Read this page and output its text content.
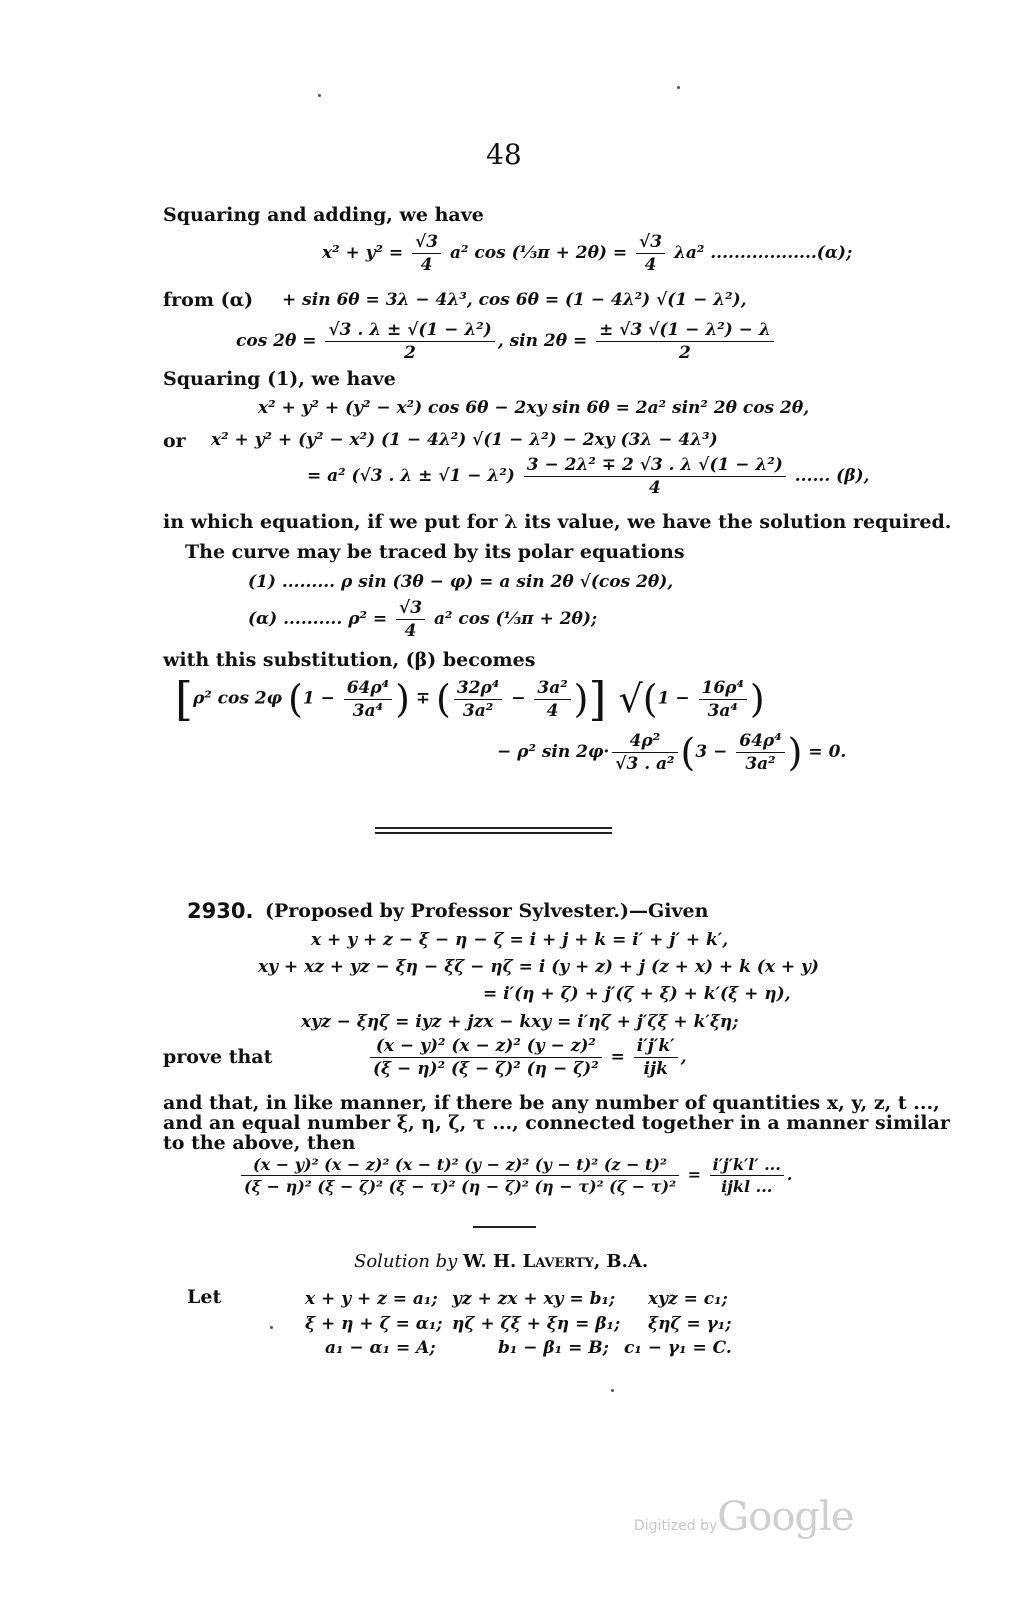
48
Squaring and adding, we have
$x^2 + y^2 = \frac{√3}{4} a^2$ cos (⅓π + $2\theta) = \frac{√3}{4} \lambda a^2$ ..................(α);
from (α) + sin 6θ = 3λ − 4λ³, cos 6θ = (1 − 4λ²) √(1 − λ²),
$\cos 2\theta = \frac{\text{√3 . λ ± √(1 − λ²)}}{2}$ , $\sin 2\theta = \frac{\text{± √3 √(1 − λ²) − λ}}{2}$
Squaring (1), we have
x² + y² + (y² − x²) cos 6θ − 2xy sin 6θ = 2a² sin² 2θ cos 2θ,
or x² + y² + (y² − x²) (1 − 4λ²) √(1 − λ²) − 2xy (3λ − 4λ³)
= a² (√3 . $\lambda \pm √1 - \lambda^2) \frac{\text{3 − 2λ² ∓ 2 √3 . λ √(1 − λ²)}}{4}$ ...... (β),
in which equation, if we put for λ its value, we have the solution required.
The curve may be traced by its polar equations
(1) ......... ρ sin (3θ − φ) = a sin 2θ √(cos 2θ),
(α) .......... $\rho^2 = \frac{√3}{4} a^2$ cos (⅓π + 2θ);
with this substitution, (β) becomes
[ρ² cos 2φ ($1 - \frac{\text{64ρ⁴}}{\text{3a⁴}}$ ) ∓ ( $\frac{\text{32ρ⁴}}{\text{3a²}} - \frac{\text{3a²}}{4}$ )] $√(1 - \frac{\text{16ρ⁴}}{\text{3a⁴}}$ )
− ρ² $\sin 2\varphi\cdot \frac{\text{4ρ²}}{\text{√3 . a²}} (3 - \frac{\text{64ρ⁴}}{\text{3a²}}$ ) = 0.
2930. (Proposed by Professor Sylvester.)—Given
x + y + z − ξ − η − ζ = i + j + k = i′ + j′ + k′,
xy + xz + yz − ξη − ξζ − ηζ = i (y + z) + j (z + x) + k (x + y)
= i′(η + ζ) + j′(ζ + ξ) + k′(ξ + η),
xyz − ξηζ = iyz + jzx − kxy = i′ηζ + j′ζξ + k′ξη;
prove that	$\frac{\text{(x − y)² (x − z)² (y − z)²}}{\text{(ξ − η)² (ξ − ζ)² (η − ζ)²}} = \frac{i'j'k'}{\text{ijk}}$ ,
and that, in like manner, if there be any number of quantities x, y, z, t ...,
and an equal number ξ, η, ζ, τ ..., connected together in a manner similar
to the above, then
$\frac{\text{(x − y)² (x − z)² (x − t)² (y − z)² (y − t)² (z − t)²}}{\text{(ξ − η)² (ξ − ζ)² (ξ − τ)² (η − ζ)² (η − τ)² (ζ − τ)²}} = \frac{i'j'k'l' ...}{\text{ijkl ...}}$ .
Solution by W. H. Laverty, B.A.
Let	x + y + z = a₁; yz + zx + xy = b₁; xyz = c₁;
ξ + η + ζ = α₁; ηζ + ζξ + ξη = β₁; ξηζ = γ₁;
a₁ − α₁ = A;	b₁ − β₁ = B; c₁ − γ₁ = C.
Digitized byGoogle
